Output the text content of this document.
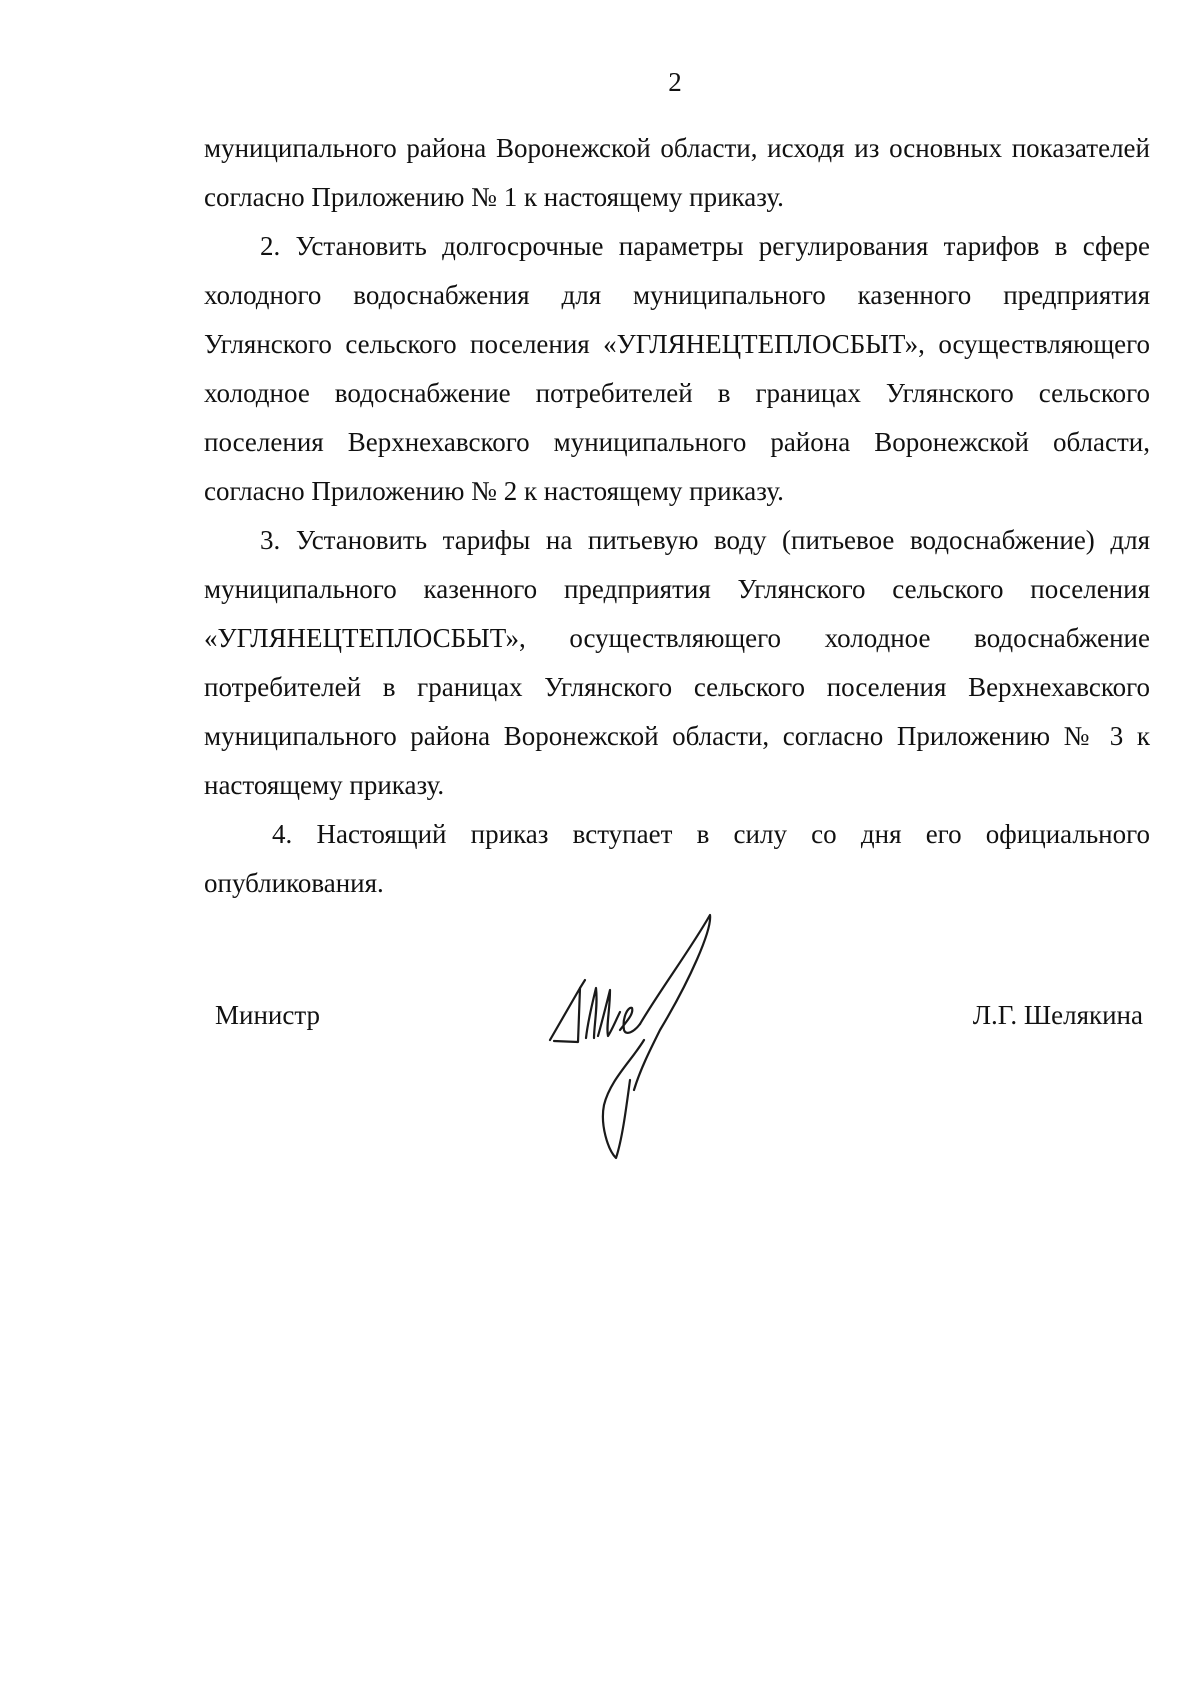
2

муниципального района Воронежской области, исходя из основных показателей согласно Приложению № 1 к настоящему приказу.

2. Установить долгосрочные параметры регулирования тарифов в сфере холодного водоснабжения для муниципального казенного предприятия Углянского сельского поселения «УГЛЯНЕЦТЕПЛОСБЫТ», осуществляющего холодное водоснабжение потребителей в границах Углянского сельского поселения Верхнехавского муниципального района Воронежской области, согласно Приложению № 2 к настоящему приказу.

3. Установить тарифы на питьевую воду (питьевое водоснабжение) для муниципального казенного предприятия Углянского сельского поселения «УГЛЯНЕЦТЕПЛОСБЫТ», осуществляющего холодное водоснабжение потребителей в границах Углянского сельского поселения Верхнехавского муниципального района Воронежской области, согласно Приложению № 3 к настоящему приказу.

4. Настоящий приказ вступает в силу со дня его официального опубликования.

Министр	Л.Г. Шелякина
